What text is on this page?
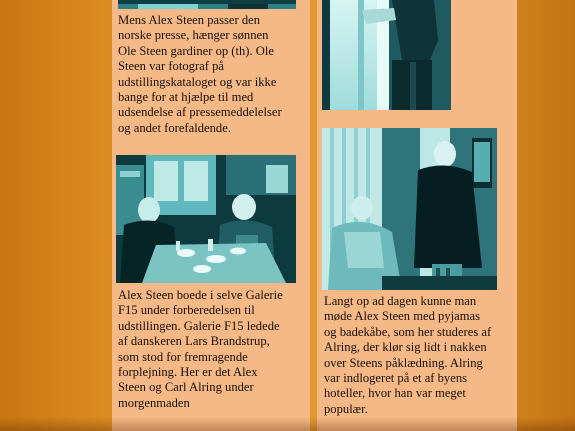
Mens Alex Steen passer den
norske presse, hænger sønnen
Ole Steen gardiner op (th). Ole
Steen var fotograf på
udstillingskataloget og var ikke
bange for at hjælpe til med
udsendelse af pressemeddelelser
og andet forefaldende.
Alex Steen boede i selve Galerie
F15 under forberedelsen til
udstillingen. Galerie F15 ledede
af danskeren Lars Brandstrup,
som stod for fremragende
forplejning. Her er det Alex
Steen og Carl Alring under
morgenmaden
Langt op ad dagen kunne man
møde Alex Steen med pyjamas
og badekåbe, som her studeres af
Alring, der klør sig lidt i nakken
over Steens påklædning. Alring
var indlogeret på et af byens
hoteller, hvor han var meget
populær.
